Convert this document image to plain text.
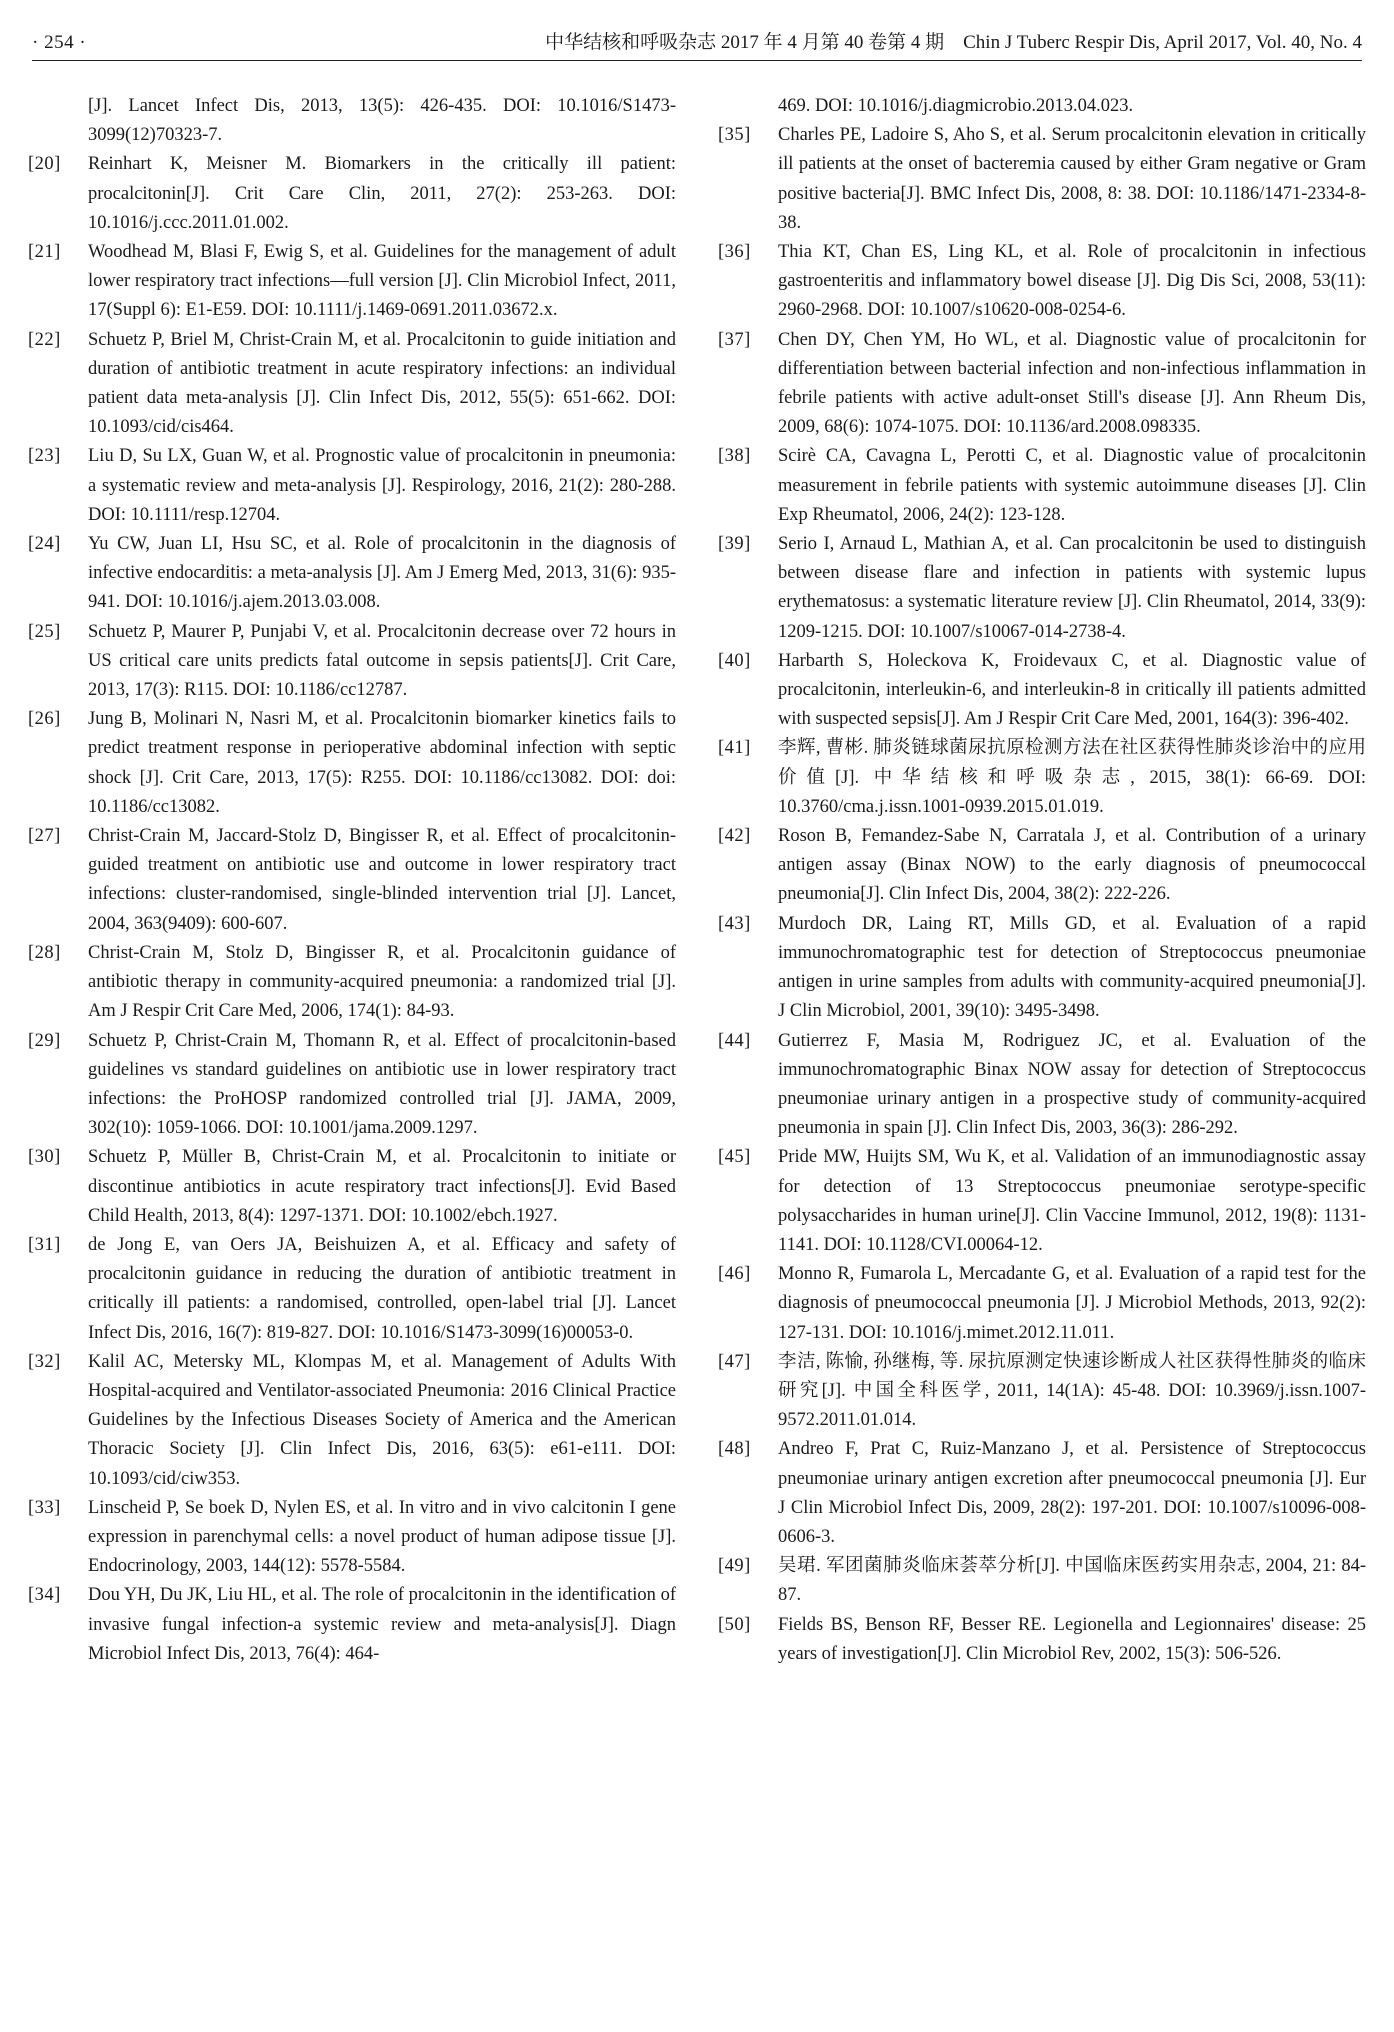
· 254 ·	中华结核和呼吸杂志 2017 年 4 月第 40 卷第 4 期　Chin J Tuberc Respir Dis, April 2017, Vol. 40, No. 4

[J]. Lancet Infect Dis, 2013, 13(5): 426-435. DOI: 10.1016/S1473-3099(12)70323-7.

[20]	Reinhart K, Meisner M. Biomarkers in the critically ill patient: procalcitonin[J]. Crit Care Clin, 2011, 27(2): 253-263. DOI: 10.1016/j.ccc.2011.01.002.

[21]	Woodhead M, Blasi F, Ewig S, et al. Guidelines for the management of adult lower respiratory tract infections—full version [J]. Clin Microbiol Infect, 2011, 17(Suppl 6): E1-E59. DOI: 10.1111/j.1469-0691.2011.03672.x.

[22]	Schuetz P, Briel M, Christ-Crain M, et al. Procalcitonin to guide initiation and duration of antibiotic treatment in acute respiratory infections: an individual patient data meta-analysis [J]. Clin Infect Dis, 2012, 55(5): 651-662. DOI: 10.1093/cid/cis464.

[23]	Liu D, Su LX, Guan W, et al. Prognostic value of procalcitonin in pneumonia: a systematic review and meta-analysis [J]. Respirology, 2016, 21(2): 280-288. DOI: 10.1111/resp.12704.

[24]	Yu CW, Juan LI, Hsu SC, et al. Role of procalcitonin in the diagnosis of infective endocarditis: a meta-analysis [J]. Am J Emerg Med, 2013, 31(6): 935-941. DOI: 10.1016/j.ajem.2013.03.008.

[25]	Schuetz P, Maurer P, Punjabi V, et al. Procalcitonin decrease over 72 hours in US critical care units predicts fatal outcome in sepsis patients[J]. Crit Care, 2013, 17(3): R115. DOI: 10.1186/cc12787.

[26]	Jung B, Molinari N, Nasri M, et al. Procalcitonin biomarker kinetics fails to predict treatment response in perioperative abdominal infection with septic shock [J]. Crit Care, 2013, 17(5): R255. DOI: 10.1186/cc13082. DOI: doi: 10.1186/cc13082.

[27]	Christ-Crain M, Jaccard-Stolz D, Bingisser R, et al. Effect of procalcitonin-guided treatment on antibiotic use and outcome in lower respiratory tract infections: cluster-randomised, single-blinded intervention trial [J]. Lancet, 2004, 363(9409): 600-607.

[28]	Christ-Crain M, Stolz D, Bingisser R, et al. Procalcitonin guidance of antibiotic therapy in community-acquired pneumonia: a randomized trial [J]. Am J Respir Crit Care Med, 2006, 174(1): 84-93.

[29]	Schuetz P, Christ-Crain M, Thomann R, et al. Effect of procalcitonin-based guidelines vs standard guidelines on antibiotic use in lower respiratory tract infections: the ProHOSP randomized controlled trial [J]. JAMA, 2009, 302(10): 1059-1066. DOI: 10.1001/jama.2009.1297.

[30]	Schuetz P, Müller B, Christ-Crain M, et al. Procalcitonin to initiate or discontinue antibiotics in acute respiratory tract infections[J]. Evid Based Child Health, 2013, 8(4): 1297-1371. DOI: 10.1002/ebch.1927.

[31]	de Jong E, van Oers JA, Beishuizen A, et al. Efficacy and safety of procalcitonin guidance in reducing the duration of antibiotic treatment in critically ill patients: a randomised, controlled, open-label trial [J]. Lancet Infect Dis, 2016, 16(7): 819-827. DOI: 10.1016/S1473-3099(16)00053-0.

[32]	Kalil AC, Metersky ML, Klompas M, et al. Management of Adults With Hospital-acquired and Ventilator-associated Pneumonia: 2016 Clinical Practice Guidelines by the Infectious Diseases Society of America and the American Thoracic Society [J]. Clin Infect Dis, 2016, 63(5): e61-e111. DOI: 10.1093/cid/ciw353.

[33]	Linscheid P, Se boek D, Nylen ES, et al. In vitro and in vivo calcitonin I gene expression in parenchymal cells: a novel product of human adipose tissue [J]. Endocrinology, 2003, 144(12): 5578-5584.

[34]	Dou YH, Du JK, Liu HL, et al. The role of procalcitonin in the identification of invasive fungal infection-a systemic review and meta-analysis[J]. Diagn Microbiol Infect Dis, 2013, 76(4): 464-

469. DOI: 10.1016/j.diagmicrobio.2013.04.023.

[35]	Charles PE, Ladoire S, Aho S, et al. Serum procalcitonin elevation in critically ill patients at the onset of bacteremia caused by either Gram negative or Gram positive bacteria[J]. BMC Infect Dis, 2008, 8: 38. DOI: 10.1186/1471-2334-8-38.

[36]	Thia KT, Chan ES, Ling KL, et al. Role of procalcitonin in infectious gastroenteritis and inflammatory bowel disease [J]. Dig Dis Sci, 2008, 53(11): 2960-2968. DOI: 10.1007/s10620-008-0254-6.

[37]	Chen DY, Chen YM, Ho WL, et al. Diagnostic value of procalcitonin for differentiation between bacterial infection and non-infectious inflammation in febrile patients with active adult-onset Still's disease [J]. Ann Rheum Dis, 2009, 68(6): 1074-1075. DOI: 10.1136/ard.2008.098335.

[38]	Scirè CA, Cavagna L, Perotti C, et al. Diagnostic value of procalcitonin measurement in febrile patients with systemic autoimmune diseases [J]. Clin Exp Rheumatol, 2006, 24(2): 123-128.

[39]	Serio I, Arnaud L, Mathian A, et al. Can procalcitonin be used to distinguish between disease flare and infection in patients with systemic lupus erythematosus: a systematic literature review [J]. Clin Rheumatol, 2014, 33(9): 1209-1215. DOI: 10.1007/s10067-014-2738-4.

[40]	Harbarth S, Holeckova K, Froidevaux C, et al. Diagnostic value of procalcitonin, interleukin-6, and interleukin-8 in critically ill patients admitted with suspected sepsis[J]. Am J Respir Crit Care Med, 2001, 164(3): 396-402.

[41]	李辉, 曹彬. 肺炎链球菌尿抗原检测方法在社区获得性肺炎诊治中的应用价值[J]. 中华结核和呼吸杂志, 2015, 38(1): 66-69. DOI: 10.3760/cma.j.issn.1001-0939.2015.01.019.

[42]	Roson B, Femandez-Sabe N, Carratala J, et al. Contribution of a urinary antigen assay (Binax NOW) to the early diagnosis of pneumococcal pneumonia[J]. Clin Infect Dis, 2004, 38(2): 222-226.

[43]	Murdoch DR, Laing RT, Mills GD, et al. Evaluation of a rapid immunochromatographic test for detection of Streptococcus pneumoniae antigen in urine samples from adults with community-acquired pneumonia[J]. J Clin Microbiol, 2001, 39(10): 3495-3498.

[44]	Gutierrez F, Masia M, Rodriguez JC, et al. Evaluation of the immunochromatographic Binax NOW assay for detection of Streptococcus pneumoniae urinary antigen in a prospective study of community-acquired pneumonia in spain [J]. Clin Infect Dis, 2003, 36(3): 286-292.

[45]	Pride MW, Huijts SM, Wu K, et al. Validation of an immunodiagnostic assay for detection of 13 Streptococcus pneumoniae serotype-specific polysaccharides in human urine[J]. Clin Vaccine Immunol, 2012, 19(8): 1131-1141. DOI: 10.1128/CVI.00064-12.

[46]	Monno R, Fumarola L, Mercadante G, et al. Evaluation of a rapid test for the diagnosis of pneumococcal pneumonia [J]. J Microbiol Methods, 2013, 92(2): 127-131. DOI: 10.1016/j.mimet.2012.11.011.

[47]	李洁, 陈愉, 孙继梅, 等. 尿抗原测定快速诊断成人社区获得性肺炎的临床研究[J]. 中国全科医学, 2011, 14(1A): 45-48. DOI: 10.3969/j.issn.1007-9572.2011.01.014.

[48]	Andreo F, Prat C, Ruiz-Manzano J, et al. Persistence of Streptococcus pneumoniae urinary antigen excretion after pneumococcal pneumonia [J]. Eur J Clin Microbiol Infect Dis, 2009, 28(2): 197-201. DOI: 10.1007/s10096-008-0606-3.

[49]	吴珺. 军团菌肺炎临床荟萃分析[J]. 中国临床医药实用杂志, 2004, 21: 84-87.

[50]	Fields BS, Benson RF, Besser RE. Legionella and Legionnaires' disease: 25 years of investigation[J]. Clin Microbiol Rev, 2002, 15(3): 506-526.
